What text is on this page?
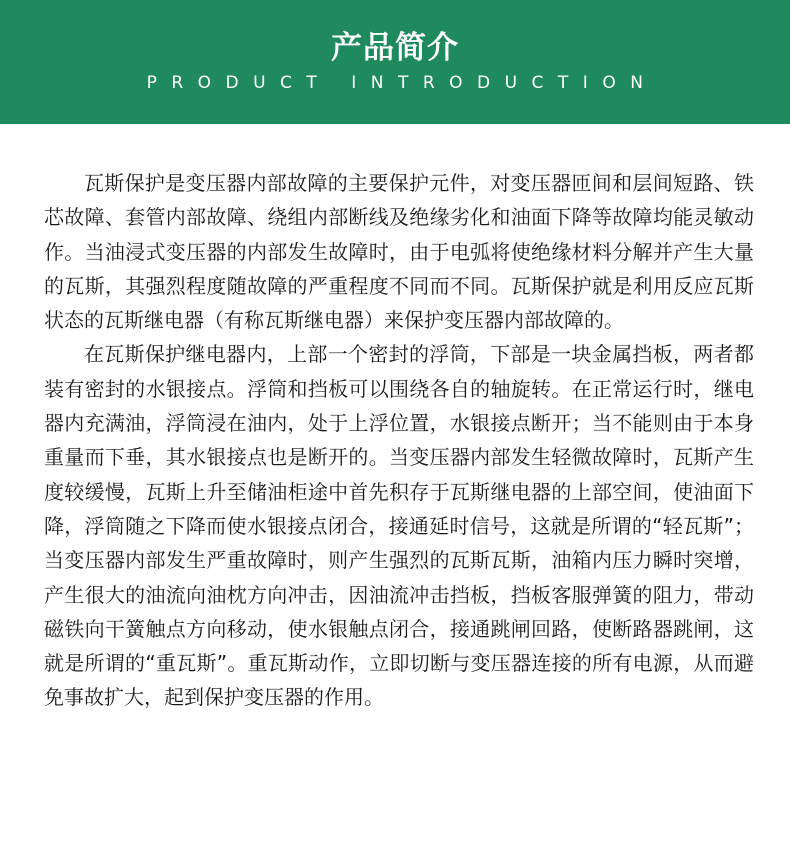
产品简介
PRODUCT INTRODUCTION

瓦斯保护是变压器内部故障的主要保护元件，对变压器匝间和层间短路、铁芯故障、套管内部故障、绕组内部断线及绝缘劣化和油面下降等故障均能灵敏动作。当油浸式变压器的内部发生故障时，由于电弧将使绝缘材料分解并产生大量的瓦斯，其强烈程度随故障的严重程度不同而不同。瓦斯保护就是利用反应瓦斯状态的瓦斯继电器（有称瓦斯继电器）来保护变压器内部故障的。

在瓦斯保护继电器内，上部一个密封的浮筒，下部是一块金属挡板，两者都装有密封的水银接点。浮筒和挡板可以围绕各自的轴旋转。在正常运行时，继电器内充满油，浮筒浸在油内，处于上浮位置，水银接点断开；当不能则由于本身重量而下垂，其水银接点也是断开的。当变压器内部发生轻微故障时，瓦斯产生度较缓慢，瓦斯上升至储油柜途中首先积存于瓦斯继电器的上部空间，使油面下降，浮筒随之下降而使水银接点闭合，接通延时信号，这就是所谓的“轻瓦斯”；当变压器内部发生严重故障时，则产生强烈的瓦斯瓦斯，油箱内压力瞬时突增，产生很大的油流向油枕方向冲击，因油流冲击挡板，挡板客服弹簧的阻力，带动磁铁向干簧触点方向移动，使水银触点闭合，接通跳闸回路，使断路器跳闸，这就是所谓的“重瓦斯”。重瓦斯动作，立即切断与变压器连接的所有电源，从而避免事故扩大，起到保护变压器的作用。
